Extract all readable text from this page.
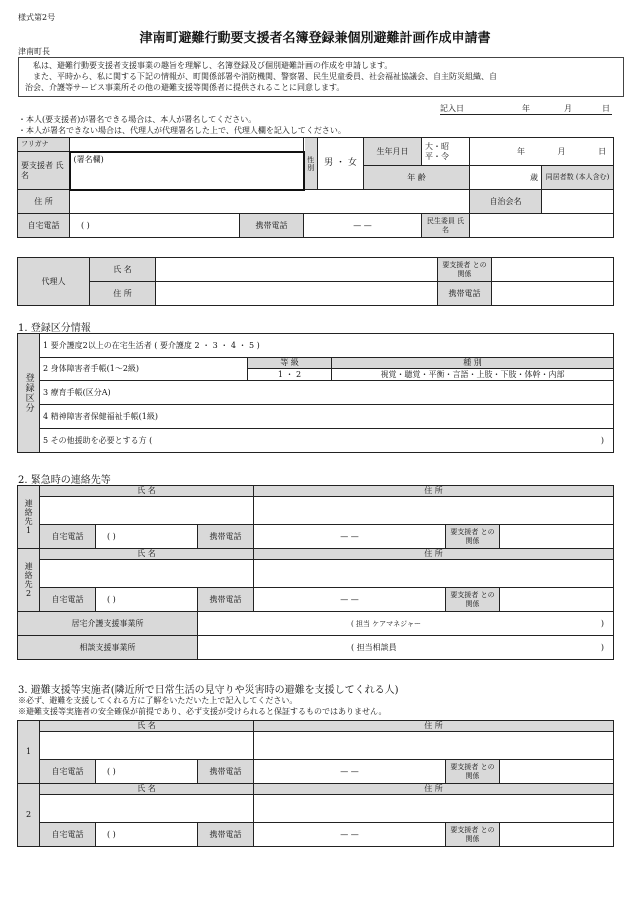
様式第2号
津南町避難行動要支援者名簿登録兼個別避難計画作成申請書
津南町長
私は、避難行動要支援者支援事業の趣旨を理解し、名簿登録及び個別避難計画の作成を申請します。
また、平時から、私に関する下記の情報が、町関係部署や消防機関、警察署、民生児童委員、社会福祉協議会、自主防災組織、自
治会、介護等サービス事業所その他の避難支援等関係者に提供されることに同意します。
記入日	年	月	日
・本人(要支援者)が署名できる場合は、本人が署名してください。
・本人が署名できない場合は、代理人が代理署名した上で、代理人欄を記入してください。
フリガナ			性別	男 ・ 女	生年月日	大・昭 平・令	年 月 日		
要支援者 氏 名	(署名欄)								
					年 齢		歳	同居者数 (本人含む)	
住 所							自治会名		
自宅電話	( )	携帯電話	— —			民生委員 氏 名			
代理人	氏 名		要支援者 との関係	
	住 所		携帯電話	
1. 登録区分情報
登録区分	1 要介護度2以上の在宅生活者 ( 要介護度 2 ・ 3 ・ 4 ・ 5 )		
	2 身体障害者手帳(1〜2級)	等 級	種 別
		1 ・ 2	視覚・聴覚・平衡・言語・上肢・下肢・体幹・内部
	3 療育手帳(区分A)		
	4 精神障害者保健福祉手帳(1級)		
	5 その他援助を必要とする方 ( )		
2. 緊急時の連絡先等
連絡先1	氏 名			住 所		

	自宅電話	( )	携帯電話	— —	要支援者 との関係	
連絡先2	氏 名			住 所		

	自宅電話	( )	携帯電話	— —	要支援者 との関係	
居宅介護支援事業所			( 担当 ケアマネジャー )			

相談支援事業所			( 担当相談員 )			
3. 避難支援等実施者(隣近所で日常生活の見守りや災害時の避難を支援してくれる人)
※必ず、避難を支援してくれる方に了解をいただいた上で記入してください。
※避難支援等実施者の安全確保が前提であり、必ず支援が受けられると保証するものではありません。
1	氏 名			住 所		

	自宅電話	( )	携帯電話	— —	要支援者 との関係	
2	氏 名			住 所		

	自宅電話	( )	携帯電話	— —	要支援者 との関係	
